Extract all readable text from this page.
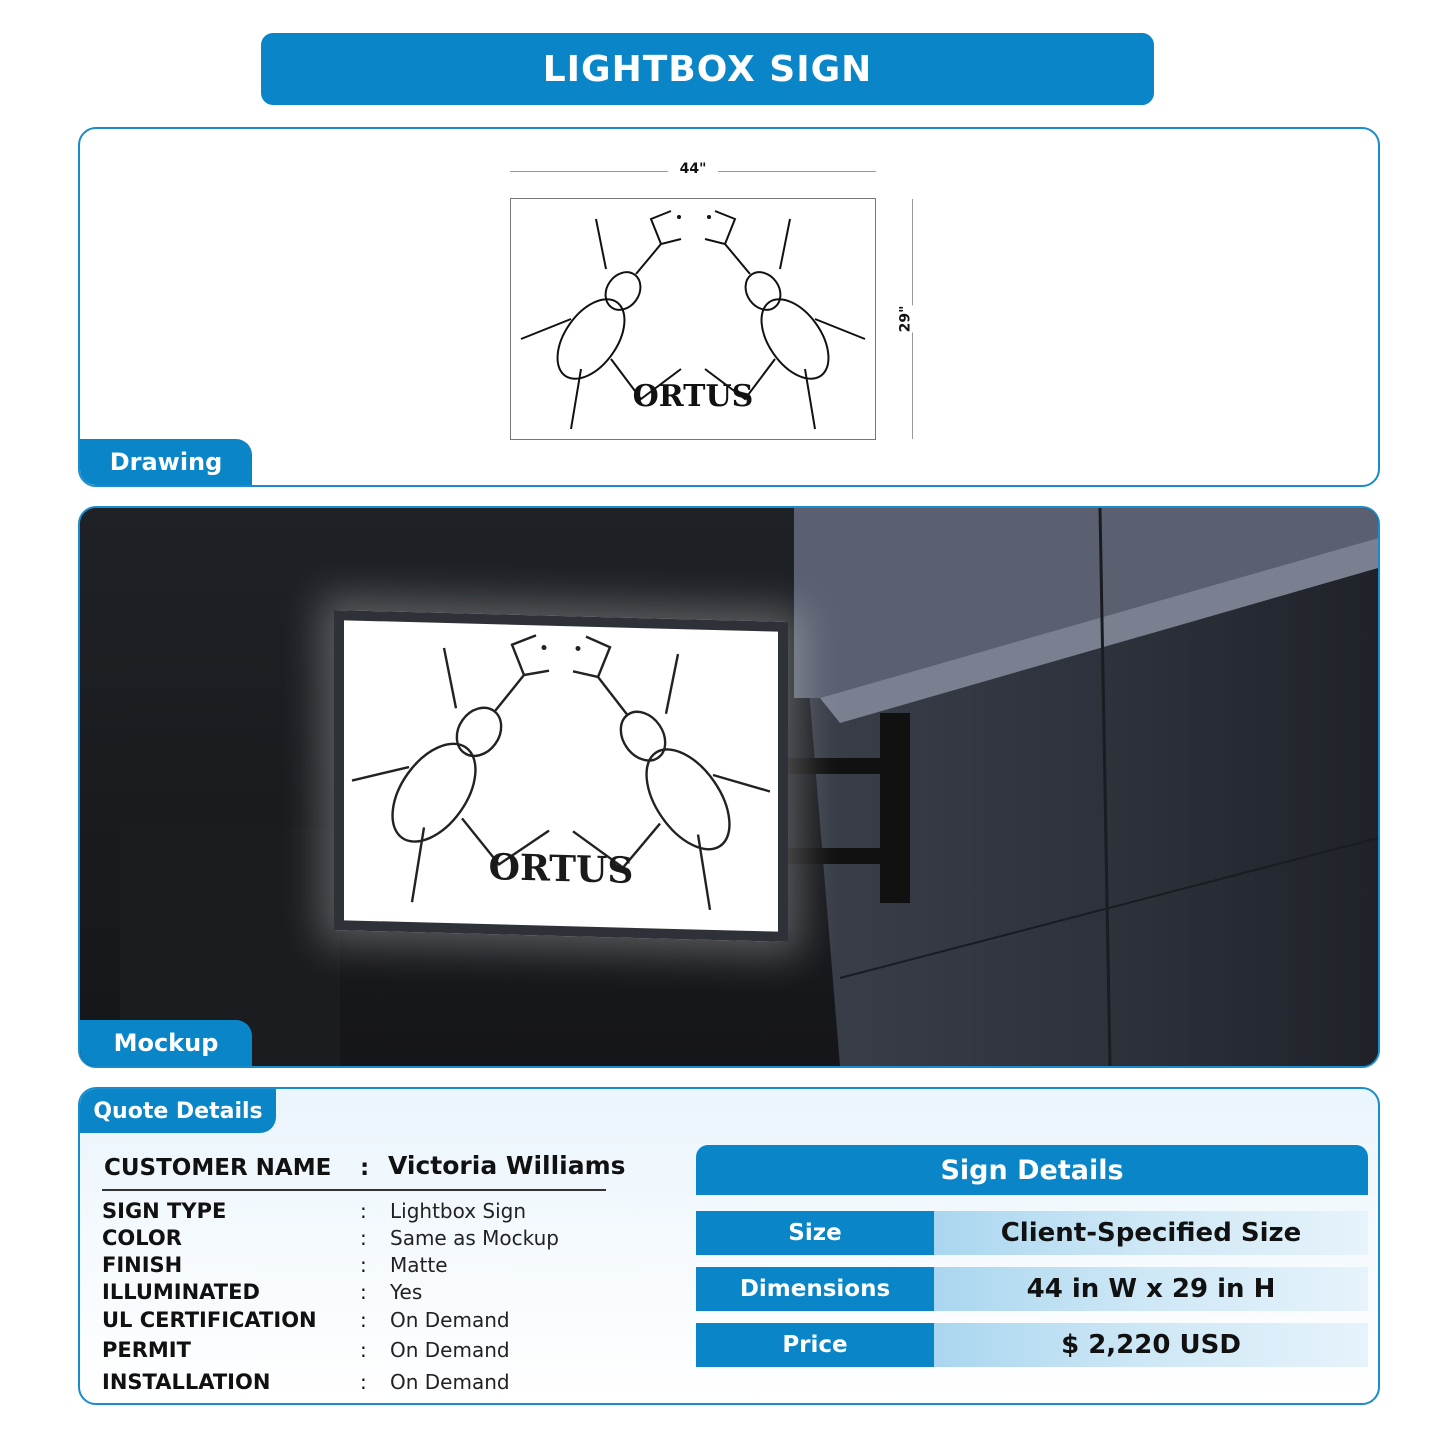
LIGHTBOX SIGN
44"
29"
ORTUS
Drawing
ORTUS
Mockup
Quote Details
CUSTOMER NAME : Victoria Williams
SIGN TYPE	: Lightbox Sign
COLOR	: Same as Mockup
FINISH	: Matte
ILLUMINATED	: Yes
UL CERTIFICATION : On Demand
PERMIT	: On Demand
INSTALLATION	: On Demand
Sign Details
Size	Client-Specified Size
Dimensions	44 in W x 29 in H
Price	$ 2,220 USD
